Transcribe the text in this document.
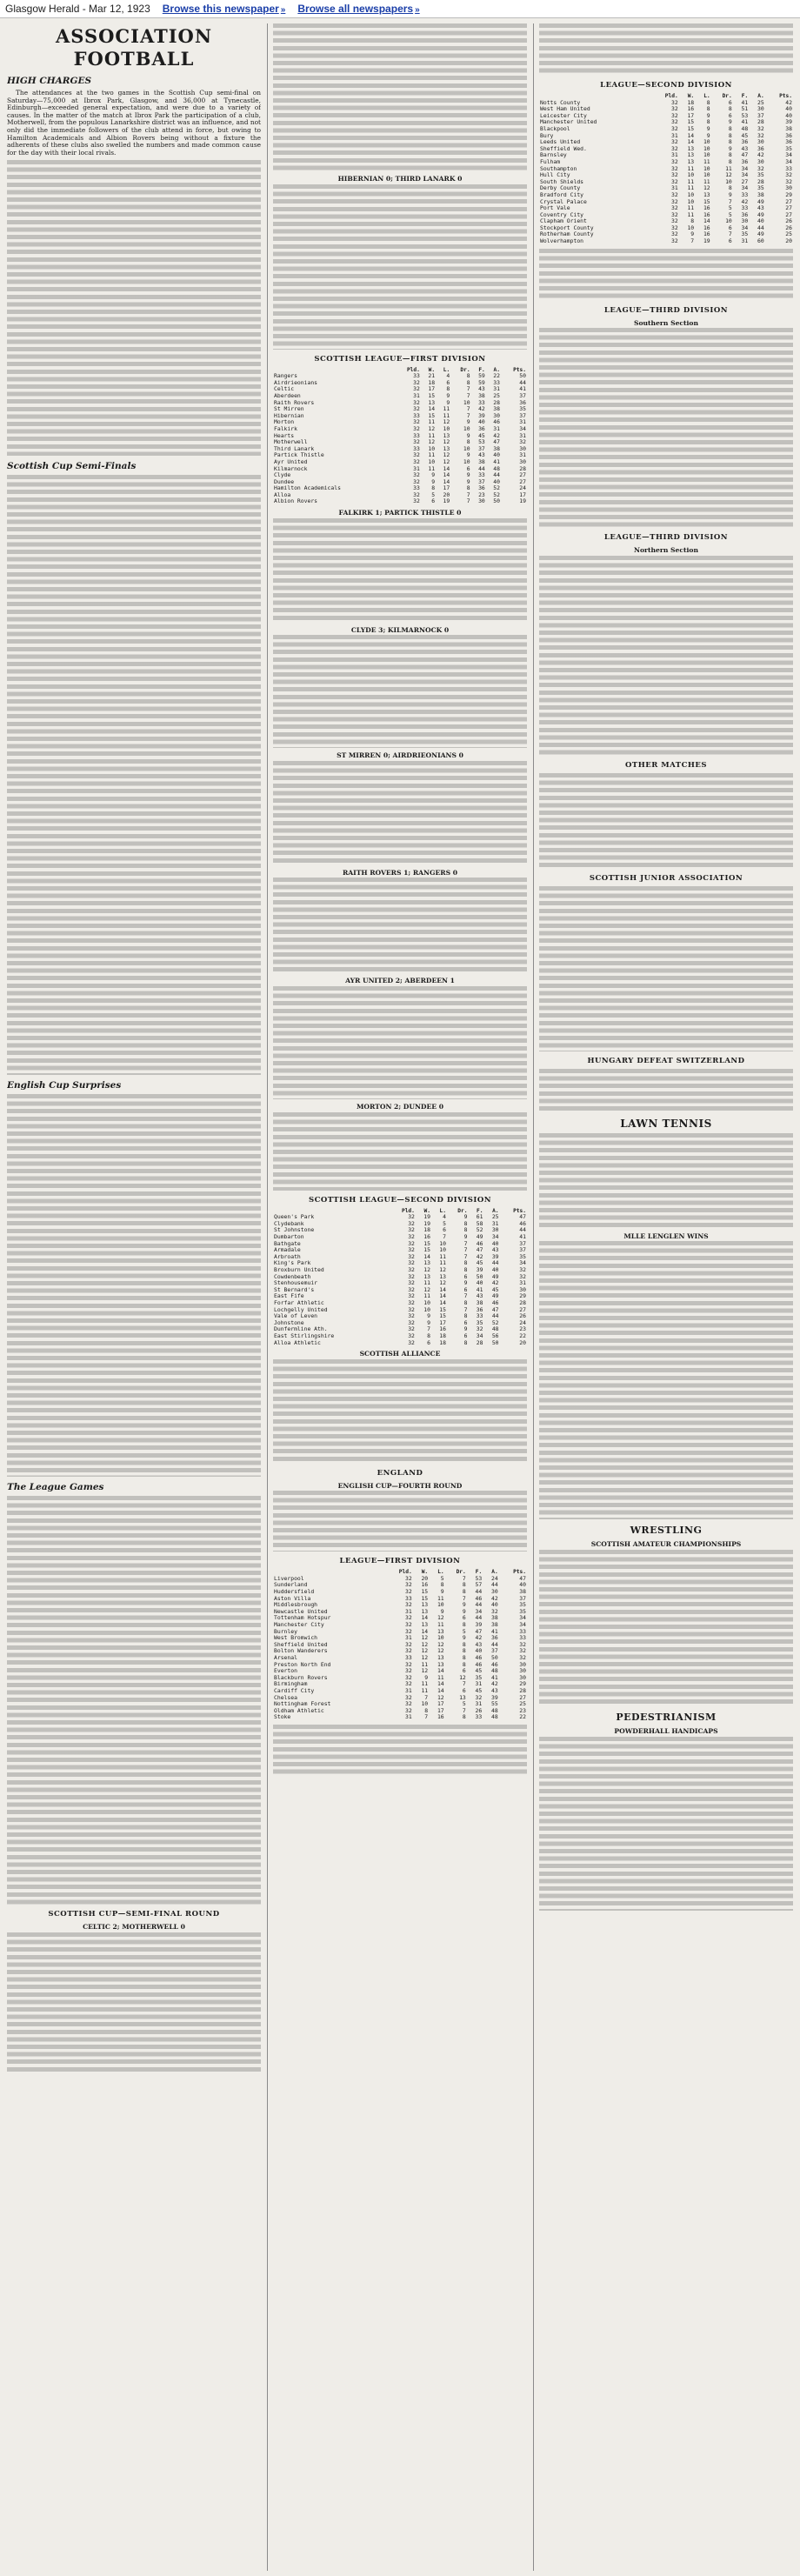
Glasgow Herald - Mar 12, 1923 Browse this newspaper » Browse all newspapers »
ASSOCIATION FOOTBALL
HIGH CHARGES

The attendances at the two games in the Scottish Cup semi-final on Saturday—75,000 at Ibrox Park, Glasgow, and 36,000 at Tynecastle, Edinburgh—exceeded general expectation, and were due to a variety of causes. In the matter of the match at Ibrox Park the participation of a club, Motherwell, from the populous Lanarkshire district was an influence, and not only did the immediate followers of the club attend in force, but owing to Hamilton Academicals and Albion Rovers being without a fixture the adherents of these clubs also swelled the numbers and made common cause for the day with their local rivals.

Scottish Cup Semi-Finals
English Cup Surprises
The League Games
SCOTTISH CUP—SEMI-FINAL ROUND
CELTIC 2; MOTHERWELL 0
HIBERNIAN 0; THIRD LANARK 0
SCOTTISH LEAGUE—FIRST DIVISION
	Pld.	W.	L.	Dr.	F.	A.	Pts.
Rangers	33	21	4	8	59	22	50
Airdrieonians	32	18	6	8	59	33	44
Celtic	32	17	8	7	43	31	41
Aberdeen	31	15	9	7	38	25	37
Raith Rovers	32	13	9	10	33	28	36
St Mirren	32	14	11	7	42	38	35
Hibernian	33	15	11	7	39	30	37
Morton	32	11	12	9	40	46	31
Falkirk	32	12	10	10	36	31	34
Hearts	33	11	13	9	45	42	31
Motherwell	32	12	12	8	53	47	32
Third Lanark	33	10	13	10	37	38	30
Partick Thistle	32	11	12	9	43	40	31
Ayr United	32	10	12	10	38	41	30
Kilmarnock	31	11	14	6	44	48	28
Clyde	32	9	14	9	33	44	27
Dundee	32	9	14	9	37	40	27
Hamilton Academicals	33	8	17	8	36	52	24
Alloa	32	5	20	7	23	52	17
Albion Rovers	32	6	19	7	30	50	19
FALKIRK 1; PARTICK THISTLE 0
CLYDE 3; KILMARNOCK 0
ST MIRREN 0; AIRDRIEONIANS 0
RAITH ROVERS 1; RANGERS 0
AYR UNITED 2; ABERDEEN 1
MORTON 2; DUNDEE 0
SCOTTISH LEAGUE—SECOND DIVISION
	Pld.	W.	L.	Dr.	F.	A.	Pts.
Queen's Park	32	19	4	9	61	25	47
Clydebank	32	19	5	8	58	31	46
St Johnstone	32	18	6	8	52	30	44
Dumbarton	32	16	7	9	49	34	41
Bathgate	32	15	10	7	46	40	37
Armadale	32	15	10	7	47	43	37
Arbroath	32	14	11	7	42	39	35
King's Park	32	13	11	8	45	44	34
Broxburn United	32	12	12	8	39	40	32
Cowdenbeath	32	13	13	6	50	49	32
Stenhousemuir	32	11	12	9	40	42	31
St Bernard's	32	12	14	6	41	45	30
East Fife	32	11	14	7	43	49	29
Forfar Athletic	32	10	14	8	38	46	28
Lochgelly United	32	10	15	7	36	47	27
Vale of Leven	32	9	15	8	33	44	26
Johnstone	32	9	17	6	35	52	24
Dunfermline Ath.	32	7	16	9	32	48	23
East Stirlingshire	32	8	18	6	34	56	22
Alloa Athletic	32	6	18	8	28	50	20
SCOTTISH ALLIANCE
ENGLAND
ENGLISH CUP—FOURTH ROUND
LEAGUE—FIRST DIVISION
	Pld.	W.	L.	Dr.	F.	A.	Pts.
Liverpool	32	20	5	7	53	24	47
Sunderland	32	16	8	8	57	44	40
Huddersfield	32	15	9	8	44	30	38
Aston Villa	33	15	11	7	46	42	37
Middlesbrough	32	13	10	9	44	40	35
Newcastle United	31	13	9	9	34	32	35
Tottenham Hotspur	32	14	12	6	44	38	34
Manchester City	32	13	11	8	39	38	34
Burnley	32	14	13	5	47	41	33
West Bromwich	31	12	10	9	42	36	33
Sheffield United	32	12	12	8	43	44	32
Bolton Wanderers	32	12	12	8	40	37	32
Arsenal	33	12	13	8	46	50	32
Preston North End	32	11	13	8	46	46	30
Everton	32	12	14	6	45	48	30
Blackburn Rovers	32	9	11	12	35	41	30
Birmingham	32	11	14	7	31	42	29
Cardiff City	31	11	14	6	45	43	28
Chelsea	32	7	12	13	32	39	27
Nottingham Forest	32	10	17	5	31	55	25
Oldham Athletic	32	8	17	7	26	48	23
Stoke	31	7	16	8	33	48	22
LEAGUE—SECOND DIVISION
	Pld.	W.	L.	Dr.	F.	A.	Pts.
Notts County	32	18	8	6	41	25	42
West Ham United	32	16	8	8	51	30	40
Leicester City	32	17	9	6	53	37	40
Manchester United	32	15	8	9	41	28	39
Blackpool	32	15	9	8	48	32	38
Bury	31	14	9	8	45	32	36
Leeds United	32	14	10	8	36	30	36
Sheffield Wed.	32	13	10	9	43	36	35
Barnsley	31	13	10	8	47	42	34
Fulham	32	13	11	8	36	30	34
Southampton	32	11	10	11	34	32	33
Hull City	32	10	10	12	34	35	32
South Shields	32	11	11	10	27	28	32
Derby County	31	11	12	8	34	35	30
Bradford City	32	10	13	9	33	38	29
Crystal Palace	32	10	15	7	42	49	27
Port Vale	32	11	16	5	33	43	27
Coventry City	32	11	16	5	36	49	27
Clapham Orient	32	8	14	10	30	40	26
Stockport County	32	10	16	6	34	44	26
Rotherham County	32	9	16	7	35	49	25
Wolverhampton	32	7	19	6	31	60	20
LEAGUE—THIRD DIVISION
Southern Section
LEAGUE—THIRD DIVISION
Northern Section
OTHER MATCHES
SCOTTISH JUNIOR ASSOCIATION
HUNGARY DEFEAT SWITZERLAND
LAWN TENNIS
MLLE LENGLEN WINS
WRESTLING
SCOTTISH AMATEUR CHAMPIONSHIPS
PEDESTRIANISM
POWDERHALL HANDICAPS
